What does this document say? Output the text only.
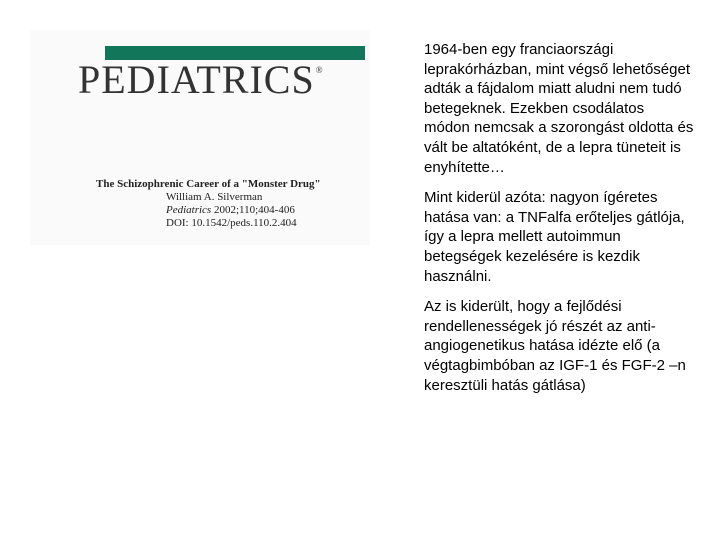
PEDIATRICS®
The Schizophrenic Career of a "Monster Drug"
William A. Silverman
Pediatrics 2002;110;404-406
DOI: 10.1542/peds.110.2.404

1964-ben egy franciaországi leprakórházban, mint végső lehetőséget adták a fájdalom miatt aludni nem tudó betegeknek. Ezekben csodálatos módon nemcsak a szorongást oldotta és vált be altatóként, de a lepra tüneteit is enyhítette…

Mint kiderül azóta: nagyon ígéretes hatása van: a TNFalfa erőteljes gátlója, így a lepra mellett autoimmun betegségek kezelésére is kezdik használni.

Az is kiderült, hogy a fejlődési rendellenességek jó részét az anti-angiogenetikus hatása idézte elő (a végtagbimbóban az IGF-1 és FGF-2 –n keresztüli hatás gátlása)
